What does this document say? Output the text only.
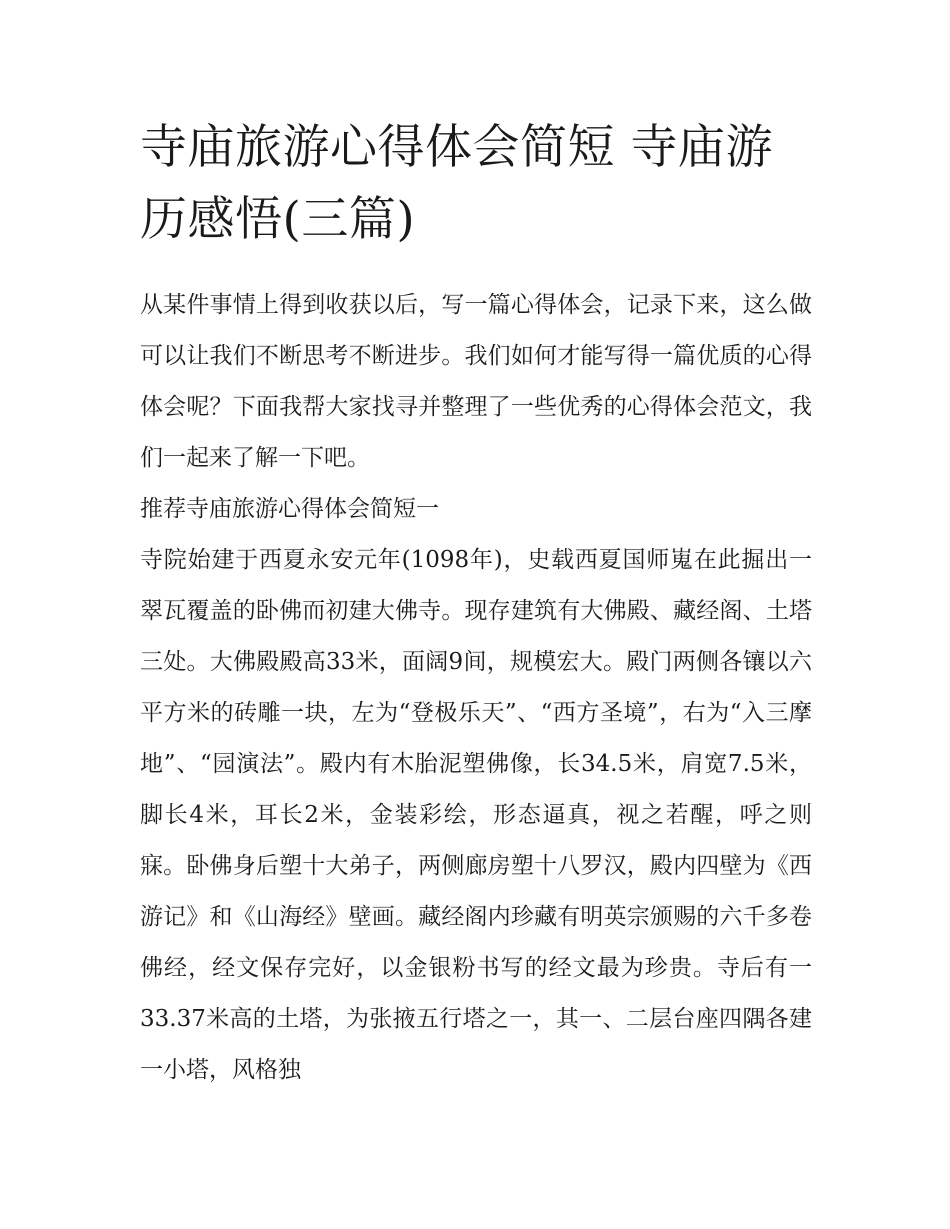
寺庙旅游心得体会简短 寺庙游历感悟(三篇)

从某件事情上得到收获以后，写一篇心得体会，记录下来，这么做可以让我们不断思考不断进步。我们如何才能写得一篇优质的心得体会呢？下面我帮大家找寻并整理了一些优秀的心得体会范文，我们一起来了解一下吧。

推荐寺庙旅游心得体会简短一

寺院始建于西夏永安元年(1098年)，史载西夏国师嵬在此掘出一翠瓦覆盖的卧佛而初建大佛寺。现存建筑有大佛殿、藏经阁、土塔三处。大佛殿殿高33米，面阔9间，规模宏大。殿门两侧各镶以六平方米的砖雕一块，左为“登极乐天”、“西方圣境”，右为“入三摩地”、“园演法”。殿内有木胎泥塑佛像，长34.5米，肩宽7.5米，脚长4米，耳长2米，金装彩绘，形态逼真，视之若醒，呼之则寐。卧佛身后塑十大弟子，两侧廊房塑十八罗汉，殿内四壁为《西游记》和《山海经》壁画。藏经阁内珍藏有明英宗颁赐的六千多卷佛经，经文保存完好，以金银粉书写的经文最为珍贵。寺后有一33.37米高的土塔，为张掖五行塔之一，其一、二层台座四隅各建一小塔，风格独
